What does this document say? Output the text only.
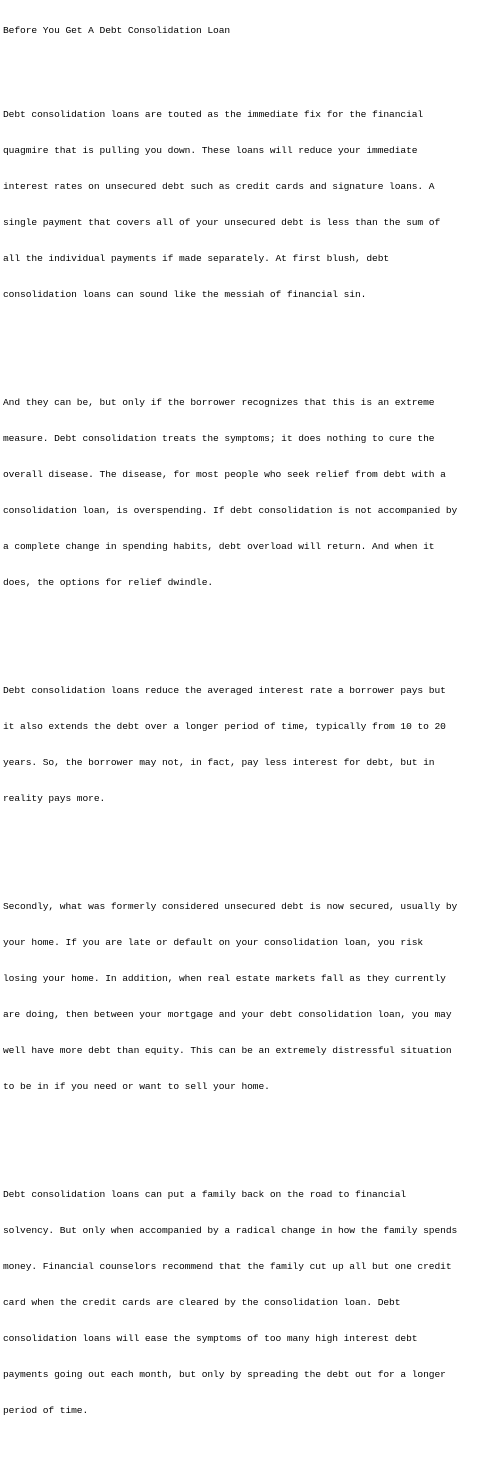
Before You Get A Debt Consolidation Loan

Debt consolidation loans are touted as the immediate fix for the financial

quagmire that is pulling you down. These loans will reduce your immediate

interest rates on unsecured debt such as credit cards and signature loans. A

single payment that covers all of your unsecured debt is less than the sum of

all the individual payments if made separately. At first blush, debt

consolidation loans can sound like the messiah of financial sin.

And they can be, but only if the borrower recognizes that this is an extreme

measure. Debt consolidation treats the symptoms; it does nothing to cure the

overall disease. The disease, for most people who seek relief from debt with a

consolidation loan, is overspending. If debt consolidation is not accompanied by

a complete change in spending habits, debt overload will return. And when it

does, the options for relief dwindle.

Debt consolidation loans reduce the averaged interest rate a borrower pays but

it also extends the debt over a longer period of time, typically from 10 to 20

years. So, the borrower may not, in fact, pay less interest for debt, but in

reality pays more.

Secondly, what was formerly considered unsecured debt is now secured, usually by

your home. If you are late or default on your consolidation loan, you risk

losing your home. In addition, when real estate markets fall as they currently

are doing, then between your mortgage and your debt consolidation loan, you may

well have more debt than equity. This can be an extremely distressful situation

to be in if you need or want to sell your home.

Debt consolidation loans can put a family back on the road to financial

solvency. But only when accompanied by a radical change in how the family spends

money. Financial counselors recommend that the family cut up all but one credit

card when the credit cards are cleared by the consolidation loan. Debt

consolidation loans will ease the symptoms of too many high interest debt

payments going out each month, but only by spreading the debt out for a longer

period of time.
